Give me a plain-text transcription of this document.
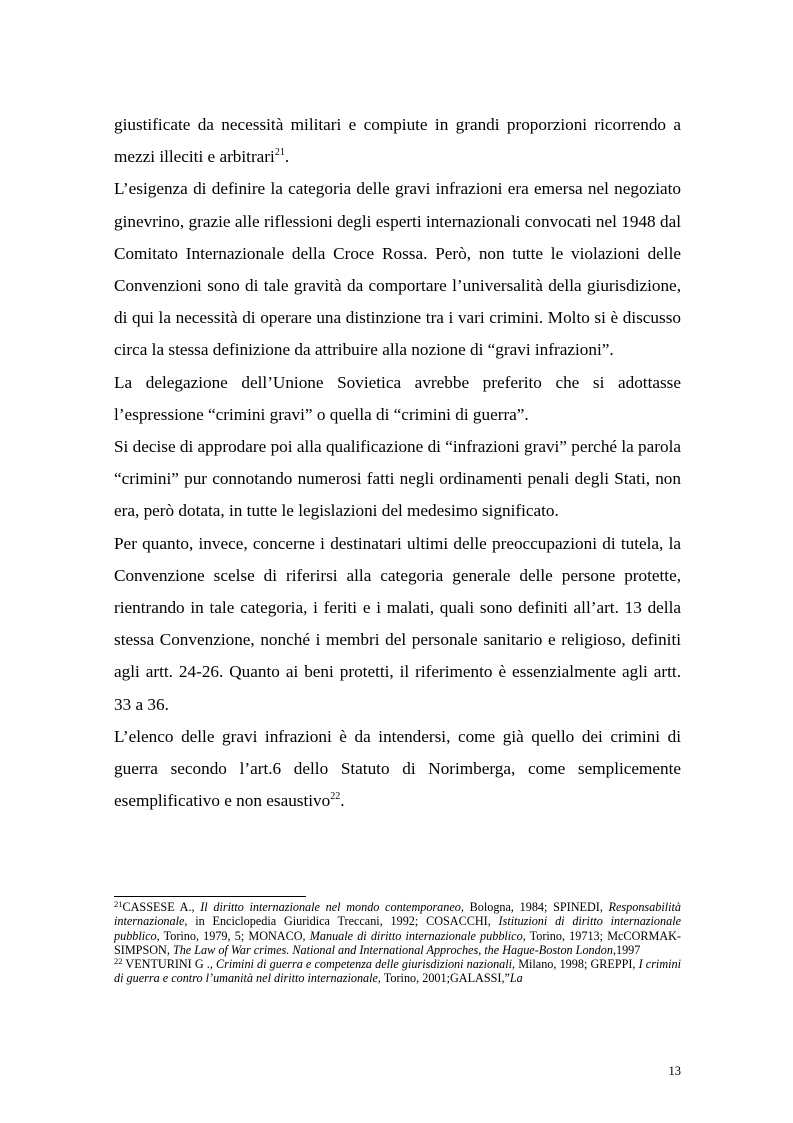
giustificate da necessità militari e compiute in grandi proporzioni ricorrendo a mezzi illeciti e arbitrari$^{21}$.

L’esigenza di definire la categoria delle gravi infrazioni era emersa nel negoziato ginevrino, grazie alle riflessioni degli esperti internazionali convocati nel 1948 dal Comitato Internazionale della Croce Rossa. Però, non tutte le violazioni delle Convenzioni sono di tale gravità da comportare l’universalità della giurisdizione, di qui la necessità di operare una distinzione tra i vari crimini. Molto si è discusso circa la stessa definizione da attribuire alla nozione di “gravi infrazioni”.

La delegazione dell’Unione Sovietica avrebbe preferito che si adottasse l’espressione “crimini gravi” o quella di “crimini di guerra”.

Si decise di approdare poi alla qualificazione di “infrazioni gravi” perché la parola “crimini” pur connotando numerosi fatti negli ordinamenti penali degli Stati, non era, però dotata, in tutte le legislazioni del medesimo significato.

Per quanto, invece, concerne i destinatari ultimi delle preoccupazioni di tutela, la Convenzione scelse di riferirsi alla categoria generale delle persone protette, rientrando in tale categoria, i feriti e i malati, quali sono definiti all’art. 13 della stessa Convenzione, nonché i membri del personale sanitario e religioso, definiti agli artt. 24-26. Quanto ai beni protetti, il riferimento è essenzialmente agli artt. 33 a 36.

L’elenco delle gravi infrazioni è da intendersi, come già quello dei crimini di guerra secondo l’art.6 dello Statuto di Norimberga, come semplicemente esemplificativo e non esaustivo$^{22}$.

$^{21}$CASSESE A., Il diritto internazionale nel mondo contemporaneo, Bologna, 1984; SPINEDI, Responsabilità internazionale, in Enciclopedia Giuridica Treccani, 1992; COSACCHI, Istituzioni di diritto internazionale pubblico, Torino, 1979, 5; MONACO, Manuale di diritto internazionale pubblico, Torino, 19713; McCORMAK-SIMPSON, The Law of War crimes. National and International Approches, the Hague-Boston London,1997

$^{22}$ VENTURINI G ., Crimini di guerra e competenza delle giurisdizioni nazionali, Milano, 1998; GREPPI, I crimini di guerra e contro l’umanità nel diritto internazionale, Torino, 2001;GALASSI,”La

13
